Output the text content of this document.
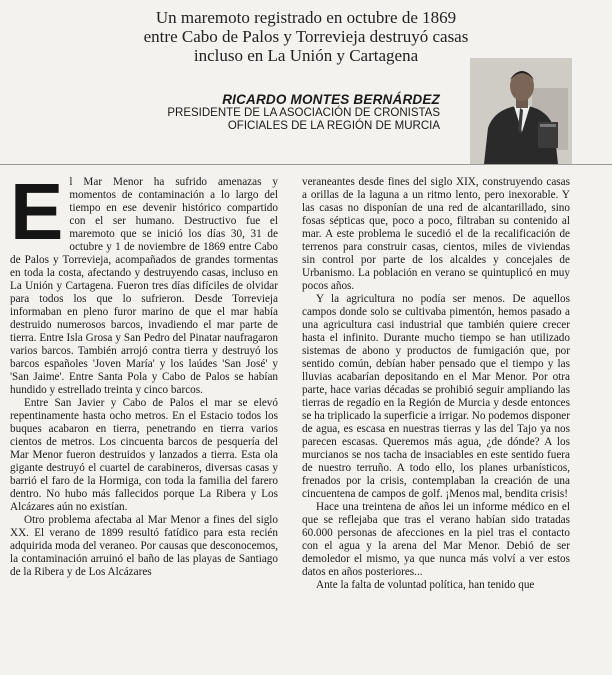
Un maremoto registrado en octubre de 1869
entre Cabo de Palos y Torrevieja destruyó casas
incluso en La Unión y Cartagena
RICARDO MONTES BERNÁRDEZ
PRESIDENTE DE LA ASOCIACIÓN DE CRONISTAS
OFICIALES DE LA REGIÓN DE MURCIA
E l Mar Menor ha sufrido amenazas y momentos de contaminación a lo largo del tiempo en ese devenir histórico compartido con el ser humano. Destructivo fue el maremoto que se inició los días 30, 31 de octubre y 1 de noviembre de 1869 entre Cabo de Palos y Torrevieja, acompañados de grandes tormentas en toda la costa, afectando y destruyendo casas, incluso en La Unión y Cartagena. Fueron tres días difíciles de olvidar para todos los que lo sufrieron. Desde Torrevieja informaban en pleno furor marino de que el mar había destruido numerosos barcos, invadiendo el mar parte de tierra. Entre Isla Grosa y San Pedro del Pinatar naufragaron varios barcos. También arrojó contra tierra y destruyó los barcos españoles 'Joven María' y los laúdes 'San José' y 'San Jaime'. Entre Santa Pola y Cabo de Palos se habían hundido y estrellado treinta y cinco barcos.

Entre San Javier y Cabo de Palos el mar se elevó repentinamente hasta ocho metros. En el Estacio todos los buques acabaron en tierra, penetrando en tierra varios cientos de metros. Los cincuenta barcos de pesquería del Mar Menor fueron destruidos y lanzados a tierra. Esta ola gigante destruyó el cuartel de carabineros, diversas casas y barrió el faro de la Hormiga, con toda la familia del farero dentro. No hubo más fallecidos porque La Ribera y Los Alcázares aún no existían.

Otro problema afectaba al Mar Menor a fines del siglo XX. El verano de 1899 resultó fatídico para esta recién adquirida moda del veraneo. Por causas que desconocemos, la contaminación arruinó el baño de las playas de Santiago de la Ribera y de Los Alcázares

veraneantes desde fines del siglo XIX, construyendo casas a orillas de la laguna a un ritmo lento, pero inexorable. Y las casas no disponían de una red de alcantarillado, sino fosas sépticas que, poco a poco, filtraban su contenido al mar. A este problema le sucedió el de la recalificación de terrenos para construir casas, cientos, miles de viviendas sin control por parte de los alcaldes y concejales de Urbanismo. La población en verano se quintuplicó en muy pocos años.

Y la agricultura no podía ser menos. De aquellos campos donde solo se cultivaba pimentón, hemos pasado a una agricultura casi industrial que también quiere crecer hasta el infinito. Durante mucho tiempo se han utilizado sistemas de abono y productos de fumigación que, por sentido común, debían haber pensado que el tiempo y las lluvias acabarían depositando en el Mar Menor. Por otra parte, hace varias décadas se prohibió seguir ampliando las tierras de regadío en la Región de Murcia y desde entonces se ha triplicado la superficie a irrigar. No podemos disponer de agua, es escasa en nuestras tierras y las del Tajo ya nos parecen escasas. Queremos más agua, ¿de dónde? A los murcianos se nos tacha de insaciables en este sentido fuera de nuestro terruño. A todo ello, los planes urbanísticos, frenados por la crisis, contemplaban la creación de una cincuentena de campos de golf. ¡Menos mal, bendita crisis!

Hace una treintena de años lei un informe médico en el que se reflejaba que tras el verano habían sido tratadas 60.000 personas de afecciones en la piel tras el contacto con el agua y la arena del Mar Menor. Debió de ser demoledor el mismo, ya que nunca más volví a ver estos datos en años posteriores...

Ante la falta de voluntad política, han tenido que
